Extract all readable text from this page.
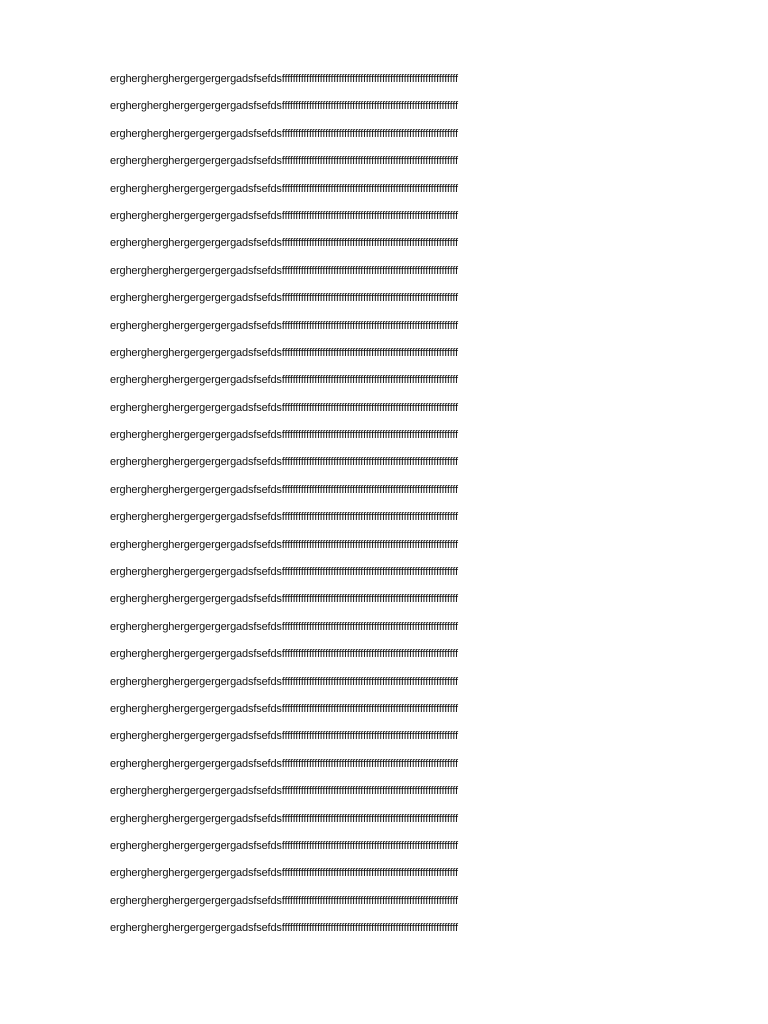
erghergherghergergergergadsfsefdsfffffffffffffffffffffffffffffffffffffffffffffffffffffffffffffffff
erghergherghergergergergadsfsefdsfffffffffffffffffffffffffffffffffffffffffffffffffffffffffffffffff
erghergherghergergergergadsfsefdsfffffffffffffffffffffffffffffffffffffffffffffffffffffffffffffffff
erghergherghergergergergadsfsefdsfffffffffffffffffffffffffffffffffffffffffffffffffffffffffffffffff
erghergherghergergergergadsfsefdsfffffffffffffffffffffffffffffffffffffffffffffffffffffffffffffffff
erghergherghergergergergadsfsefdsfffffffffffffffffffffffffffffffffffffffffffffffffffffffffffffffff
erghergherghergergergergadsfsefdsfffffffffffffffffffffffffffffffffffffffffffffffffffffffffffffffff
erghergherghergergergergadsfsefdsfffffffffffffffffffffffffffffffffffffffffffffffffffffffffffffffff
erghergherghergergergergadsfsefdsfffffffffffffffffffffffffffffffffffffffffffffffffffffffffffffffff
erghergherghergergergergadsfsefdsfffffffffffffffffffffffffffffffffffffffffffffffffffffffffffffffff
erghergherghergergergergadsfsefdsfffffffffffffffffffffffffffffffffffffffffffffffffffffffffffffffff
erghergherghergergergergadsfsefdsfffffffffffffffffffffffffffffffffffffffffffffffffffffffffffffffff
erghergherghergergergergadsfsefdsfffffffffffffffffffffffffffffffffffffffffffffffffffffffffffffffff
erghergherghergergergergadsfsefdsfffffffffffffffffffffffffffffffffffffffffffffffffffffffffffffffff
erghergherghergergergergadsfsefdsfffffffffffffffffffffffffffffffffffffffffffffffffffffffffffffffff
erghergherghergergergergadsfsefdsfffffffffffffffffffffffffffffffffffffffffffffffffffffffffffffffff
erghergherghergergergergadsfsefdsfffffffffffffffffffffffffffffffffffffffffffffffffffffffffffffffff
erghergherghergergergergadsfsefdsfffffffffffffffffffffffffffffffffffffffffffffffffffffffffffffffff
erghergherghergergergergadsfsefdsfffffffffffffffffffffffffffffffffffffffffffffffffffffffffffffffff
erghergherghergergergergadsfsefdsfffffffffffffffffffffffffffffffffffffffffffffffffffffffffffffffff
erghergherghergergergergadsfsefdsfffffffffffffffffffffffffffffffffffffffffffffffffffffffffffffffff
erghergherghergergergergadsfsefdsfffffffffffffffffffffffffffffffffffffffffffffffffffffffffffffffff
erghergherghergergergergadsfsefdsfffffffffffffffffffffffffffffffffffffffffffffffffffffffffffffffff
erghergherghergergergergadsfsefdsfffffffffffffffffffffffffffffffffffffffffffffffffffffffffffffffff
erghergherghergergergergadsfsefdsfffffffffffffffffffffffffffffffffffffffffffffffffffffffffffffffff
erghergherghergergergergadsfsefdsfffffffffffffffffffffffffffffffffffffffffffffffffffffffffffffffff
erghergherghergergergergadsfsefdsfffffffffffffffffffffffffffffffffffffffffffffffffffffffffffffffff
erghergherghergergergergadsfsefdsfffffffffffffffffffffffffffffffffffffffffffffffffffffffffffffffff
erghergherghergergergergadsfsefdsfffffffffffffffffffffffffffffffffffffffffffffffffffffffffffffffff
erghergherghergergergergadsfsefdsfffffffffffffffffffffffffffffffffffffffffffffffffffffffffffffffff
erghergherghergergergergadsfsefdsfffffffffffffffffffffffffffffffffffffffffffffffffffffffffffffffff
erghergherghergergergergadsfsefdsfffffffffffffffffffffffffffffffffffffffffffffffffffffffffffffffff
